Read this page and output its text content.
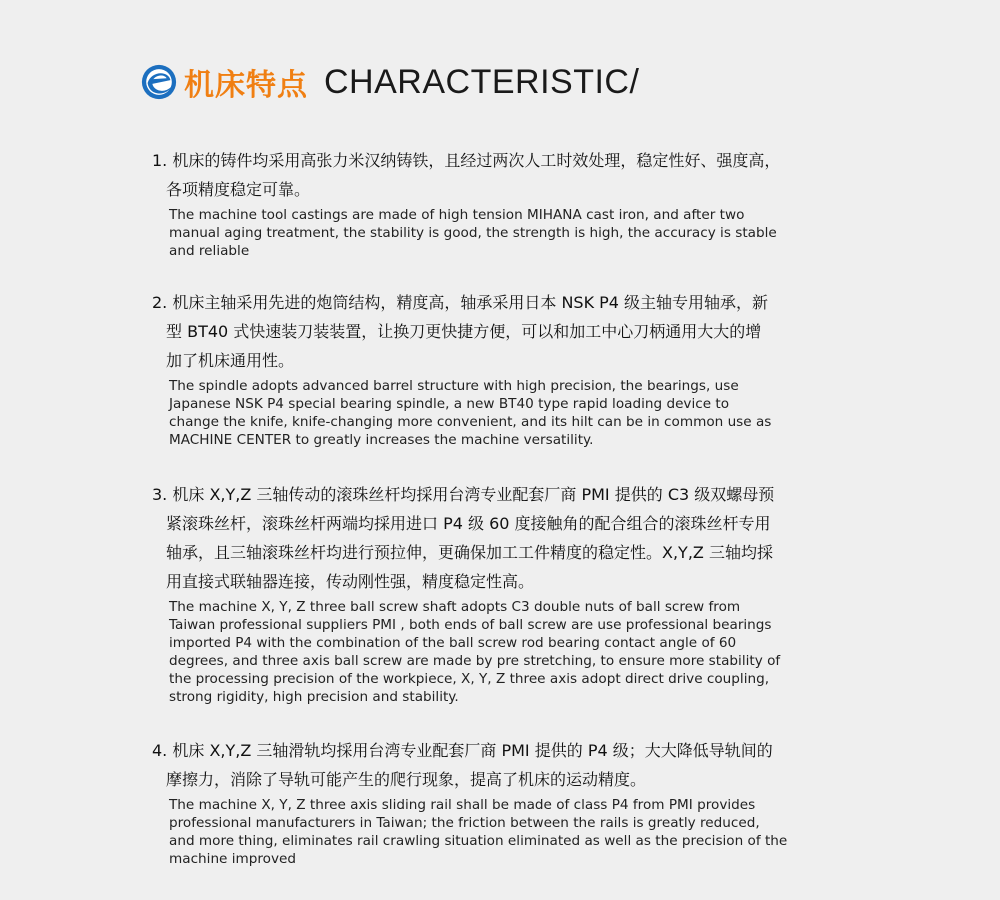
机床特点 CHARACTERISTIC/
1. 机床的铸件均采用高张力米汉纳铸铁，且经过两次人工时效处理，稳定性好、强度高，
各项精度稳定可靠。
The machine tool castings are made of high tension MIHANA cast iron, and after two
manual aging treatment, the stability is good, the strength is high, the accuracy is stable
and reliable
2. 机床主轴采用先进的炮筒结构，精度高，轴承采用日本 NSK P4 级主轴专用轴承，新
型 BT40 式快速装刀装装置，让换刀更快捷方便，可以和加工中心刀柄通用大大的增
加了机床通用性。
The spindle adopts advanced barrel structure with high precision, the bearings, use
Japanese NSK P4 special bearing spindle, a new BT40 type rapid loading device to
change the knife, knife-changing more convenient, and its hilt can be in common use as
MACHINE CENTER to greatly increases the machine versatility.
3. 机床 X,Y,Z 三轴传动的滚珠丝杆均採用台湾专业配套厂商 PMI 提供的 C3 级双螺母预
紧滚珠丝杆，滚珠丝杆两端均採用进口 P4 级 60 度接触角的配合组合的滚珠丝杆专用
轴承，且三轴滚珠丝杆均进行预拉伸，更确保加工工件精度的稳定性。X,Y,Z 三轴均採
用直接式联轴器连接，传动刚性强，精度稳定性高。
The machine X, Y, Z three ball screw shaft adopts C3 double nuts of ball screw from
Taiwan professional suppliers PMI , both ends of ball screw are use professional bearings
imported P4 with the combination of the ball screw rod bearing contact angle of 60
degrees, and three axis ball screw are made by pre stretching, to ensure more stability of
the processing precision of the workpiece, X, Y, Z three axis adopt direct drive coupling,
strong rigidity, high precision and stability.
4. 机床 X,Y,Z 三轴滑轨均採用台湾专业配套厂商 PMI 提供的 P4 级；大大降低导轨间的
摩擦力，消除了导轨可能产生的爬行现象，提高了机床的运动精度。
The machine X, Y, Z three axis sliding rail shall be made of class P4 from PMI provides
professional manufacturers in Taiwan; the friction between the rails is greatly reduced,
and more thing, eliminates rail crawling situation eliminated as well as the precision of the
machine improved
